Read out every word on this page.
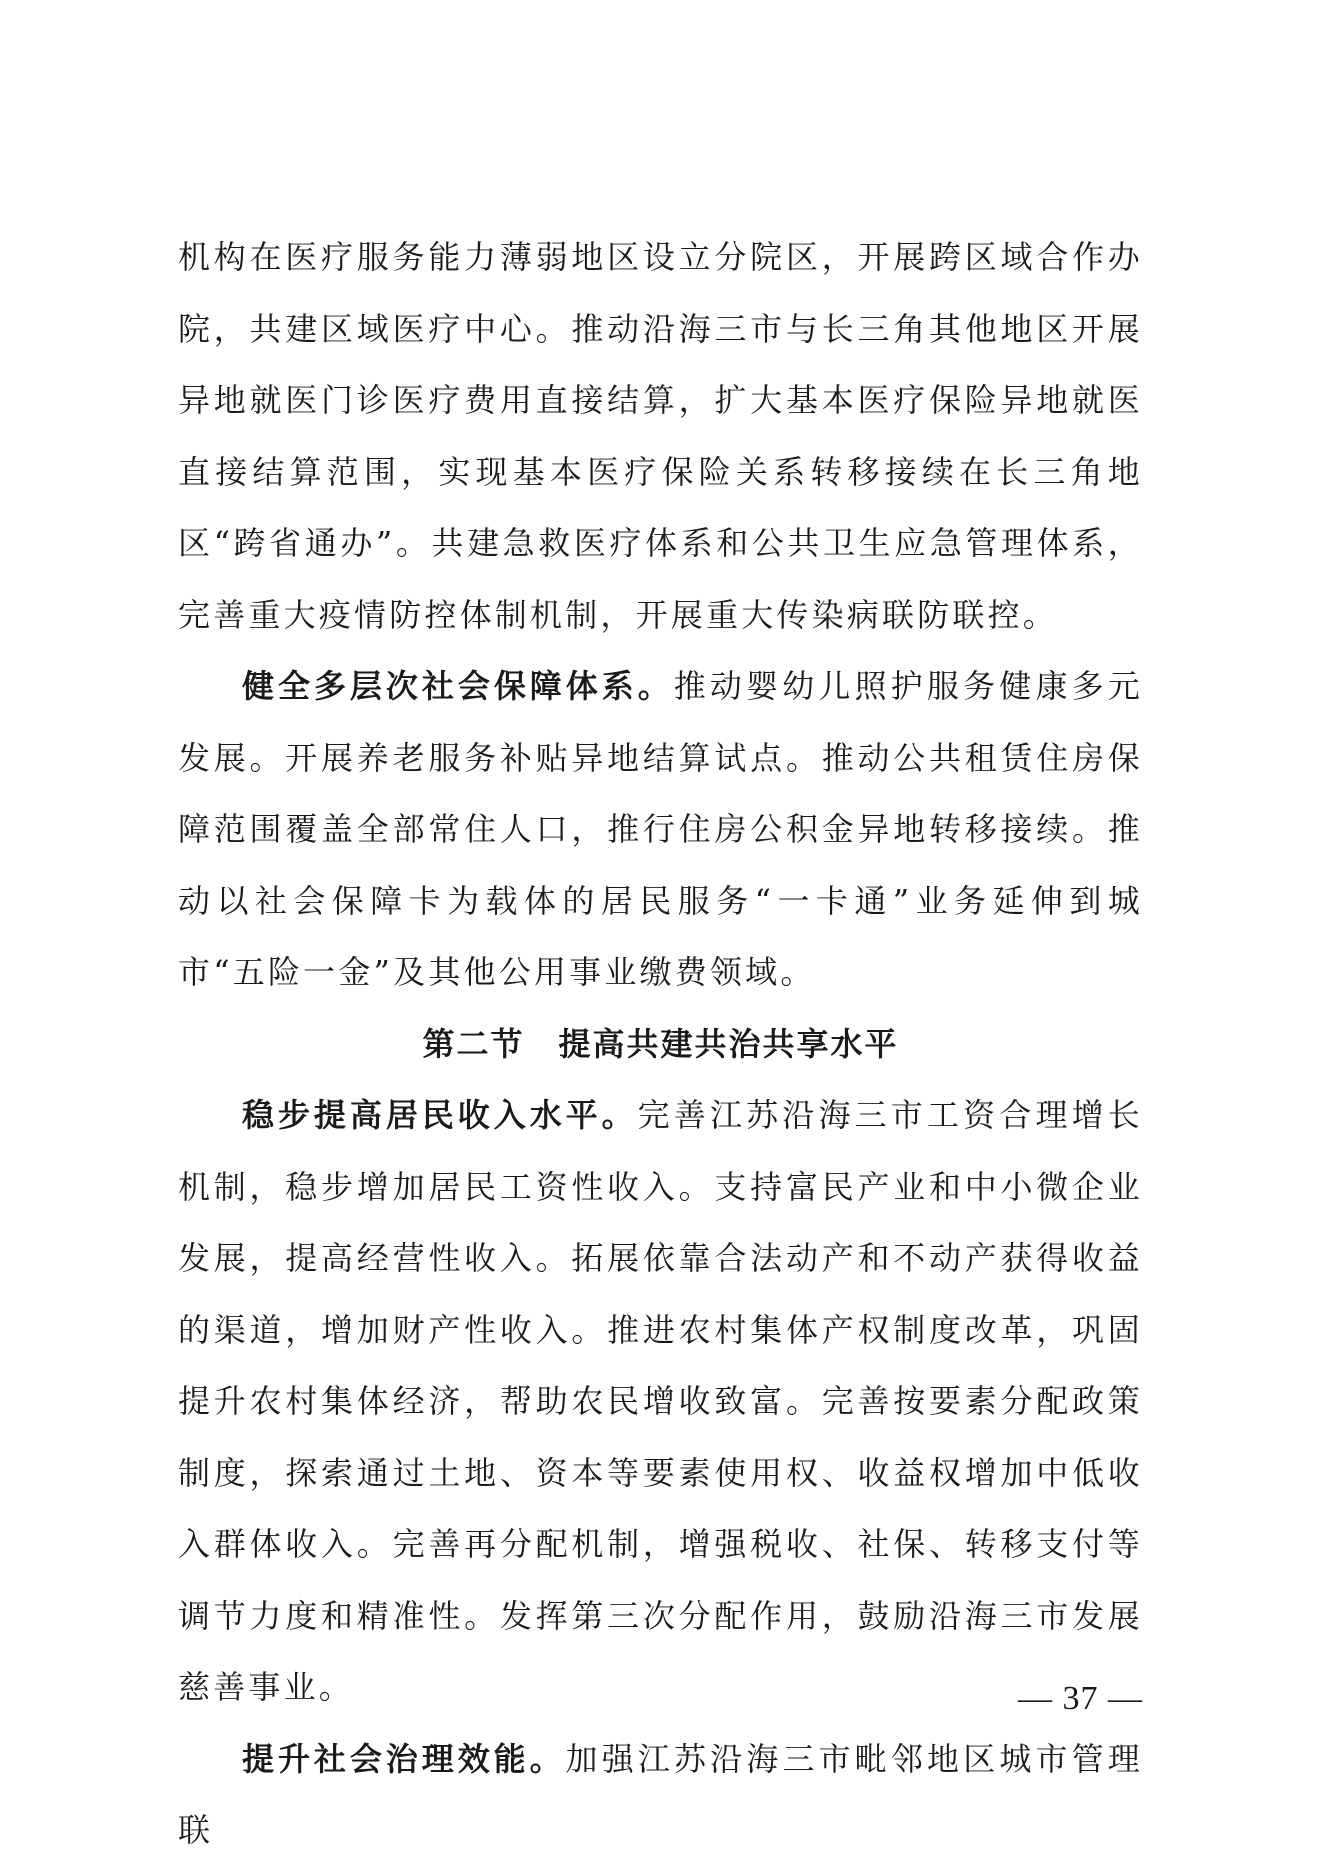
机构在医疗服务能力薄弱地区设立分院区，开展跨区域合作办院，共建区域医疗中心。推动沿海三市与长三角其他地区开展异地就医门诊医疗费用直接结算，扩大基本医疗保险异地就医直接结算范围，实现基本医疗保险关系转移接续在长三角地区“跨省通办”。共建急救医疗体系和公共卫生应急管理体系，完善重大疫情防控体制机制，开展重大传染病联防联控。

健全多层次社会保障体系。推动婴幼儿照护服务健康多元发展。开展养老服务补贴异地结算试点。推动公共租赁住房保障范围覆盖全部常住人口，推行住房公积金异地转移接续。推动以社会保障卡为载体的居民服务“一卡通”业务延伸到城市“五险一金”及其他公用事业缴费领域。

第二节 提高共建共治共享水平

稳步提高居民收入水平。完善江苏沿海三市工资合理增长机制，稳步增加居民工资性收入。支持富民产业和中小微企业发展，提高经营性收入。拓展依靠合法动产和不动产获得收益的渠道，增加财产性收入。推进农村集体产权制度改革，巩固提升农村集体经济，帮助农民增收致富。完善按要素分配政策制度，探索通过土地、资本等要素使用权、收益权增加中低收入群体收入。完善再分配机制，增强税收、社保、转移支付等调节力度和精准性。发挥第三次分配作用，鼓励沿海三市发展慈善事业。

提升社会治理效能。加强江苏沿海三市毗邻地区城市管理联

— 37 —
